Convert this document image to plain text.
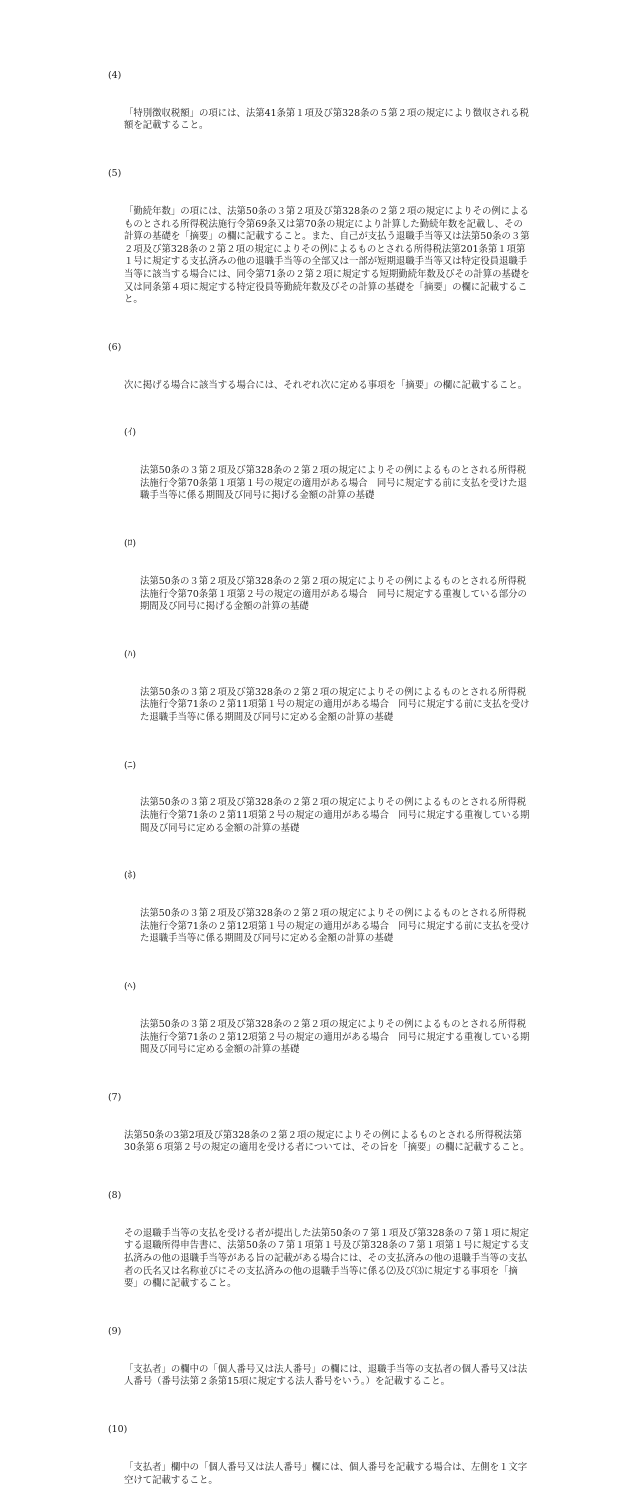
(4)

「特別徴収税額」の項には、法第41条第１項及び第328条の５第２項の規定により徴収される税額を記載すること。

(5)

「勤続年数」の項には、法第50条の３第２項及び第328条の２第２項の規定によりその例によるものとされる所得税法施行令第69条又は第70条の規定により計算した勤続年数を記載し、その計算の基礎を「摘要」の欄に記載すること。また、自己が支払う退職手当等又は法第50条の３第２項及び第328条の２第２項の規定によりその例によるものとされる所得税法第201条第１項第１号に規定する支払済みの他の退職手当等の全部又は一部が短期退職手当等又は特定役員退職手当等に該当する場合には、同令第71条の２第２項に規定する短期勤続年数及びその計算の基礎を又は同条第４項に規定する特定役員等勤続年数及びその計算の基礎を「摘要」の欄に記載すること。

(6)

次に掲げる場合に該当する場合には、それぞれ次に定める事項を「摘要」の欄に記載すること。

(ｲ)

法第50条の３第２項及び第328条の２第２項の規定によりその例によるものとされる所得税法施行令第70条第１項第１号の規定の適用がある場合　同号に規定する前に支払を受けた退職手当等に係る期間及び同号に掲げる金額の計算の基礎

(ﾛ)

法第50条の３第２項及び第328条の２第２項の規定によりその例によるものとされる所得税法施行令第70条第１項第２号の規定の適用がある場合　同号に規定する重複している部分の期間及び同号に掲げる金額の計算の基礎

(ﾊ)

法第50条の３第２項及び第328条の２第２項の規定によりその例によるものとされる所得税法施行令第71条の２第11項第１号の規定の適用がある場合　同号に規定する前に支払を受けた退職手当等に係る期間及び同号に定める金額の計算の基礎

(ﾆ)

法第50条の３第２項及び第328条の２第２項の規定によりその例によるものとされる所得税法施行令第71条の２第11項第２号の規定の適用がある場合　同号に規定する重複している期間及び同号に定める金額の計算の基礎

(ﾎ)

法第50条の３第２項及び第328条の２第２項の規定によりその例によるものとされる所得税法施行令第71条の２第12項第１号の規定の適用がある場合　同号に規定する前に支払を受けた退職手当等に係る期間及び同号に定める金額の計算の基礎

(ﾍ)

法第50条の３第２項及び第328条の２第２項の規定によりその例によるものとされる所得税法施行令第71条の２第12項第２号の規定の適用がある場合　同号に規定する重複している期間及び同号に定める金額の計算の基礎

(7)

法第50条の3第2項及び第328条の２第２項の規定によりその例によるものとされる所得税法第30条第６項第２号の規定の適用を受ける者については、その旨を「摘要」の欄に記載すること。

(8)

その退職手当等の支払を受ける者が提出した法第50条の７第１項及び第328条の７第１項に規定する退職所得申告書に、法第50条の７第１項第１号及び第328条の７第１項第１号に規定する支払済みの他の退職手当等がある旨の記載がある場合には、その支払済みの他の退職手当等の支払者の氏名又は名称並びにその支払済みの他の退職手当等に係る⑵及び⑶に規定する事項を「摘要」の欄に記載すること。

(9)

「支払者」の欄中の「個人番号又は法人番号」の欄には、退職手当等の支払者の個人番号又は法人番号（番号法第２条第15項に規定する法人番号をいう。）を記載すること。

(10)

「支払者」欄中の「個人番号又は法人番号」欄には、個人番号を記載する場合は、左側を１文字空けて記載すること。
